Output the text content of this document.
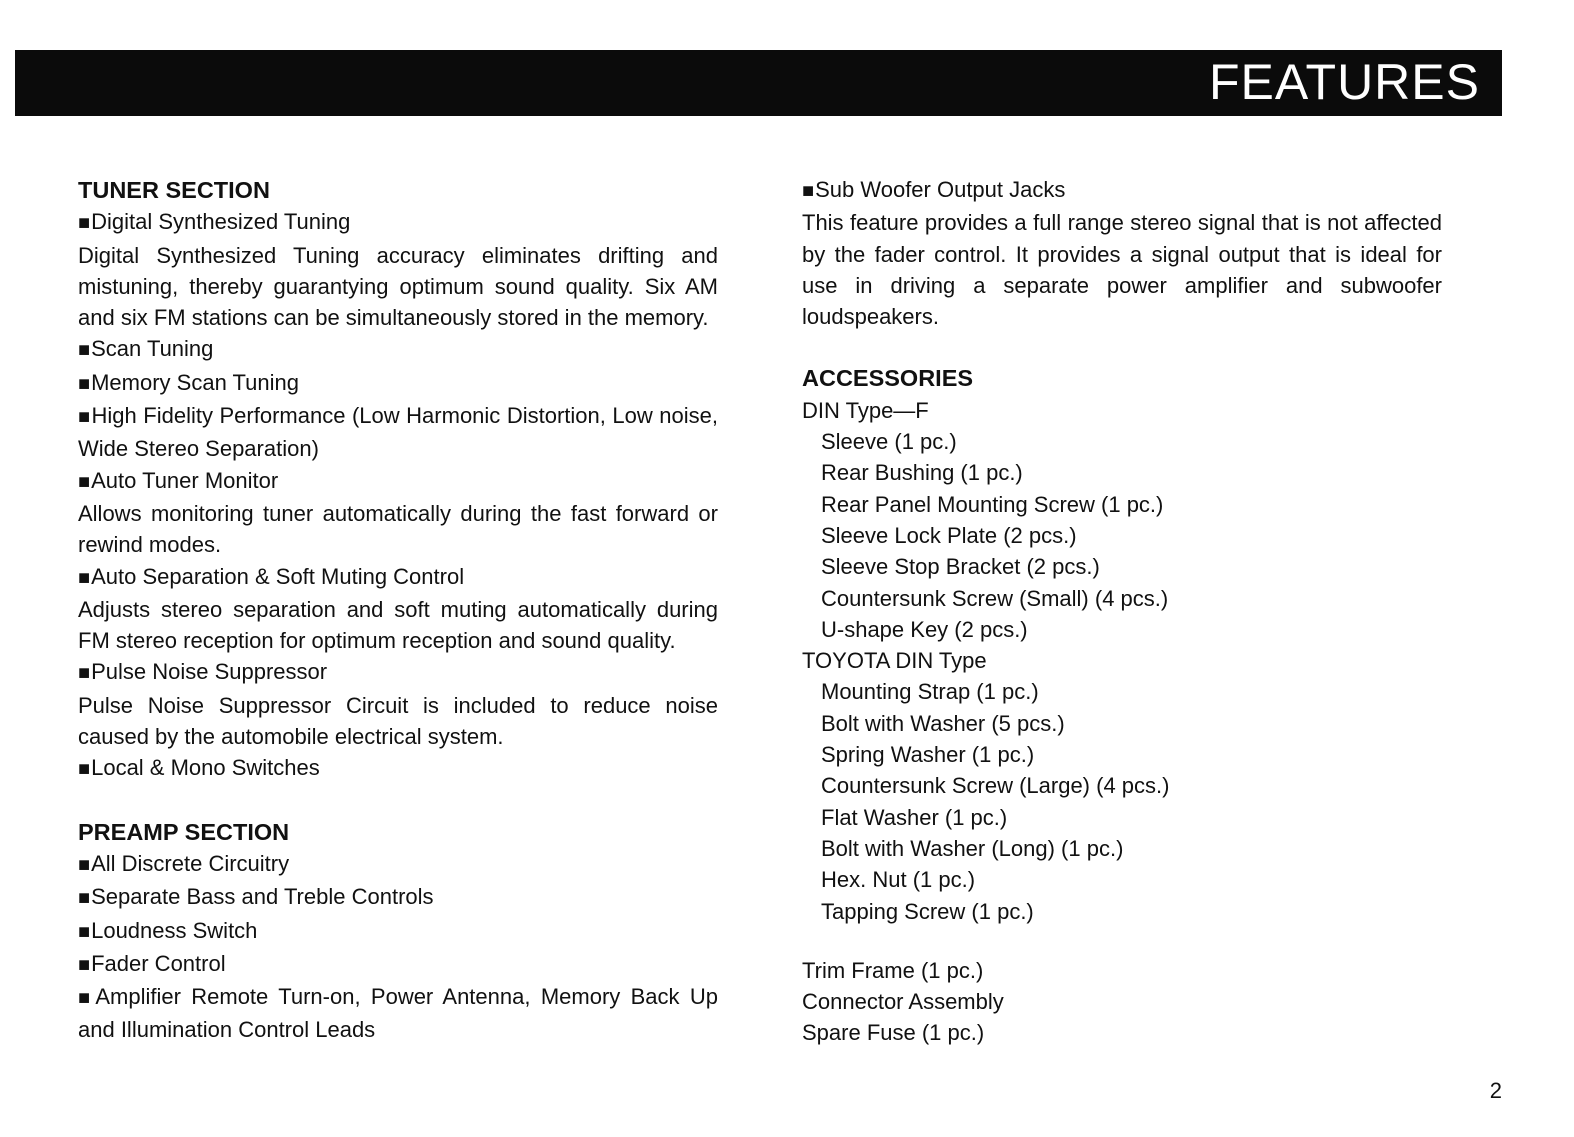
FEATURES
TUNER SECTION
■ Digital Synthesized Tuning
Digital Synthesized Tuning accuracy eliminates drifting and mistuning, thereby guarantying optimum sound quality. Six AM and six FM stations can be simultaneously stored in the memory.
■ Scan Tuning
■ Memory Scan Tuning
■ High Fidelity Performance (Low Harmonic Distortion, Low noise, Wide Stereo Separation)
■ Auto Tuner Monitor
Allows monitoring tuner automatically during the fast forward or rewind modes.
■ Auto Separation & Soft Muting Control
Adjusts stereo separation and soft muting automatically during FM stereo reception for optimum reception and sound quality.
■ Pulse Noise Suppressor
Pulse Noise Suppressor Circuit is included to reduce noise caused by the automobile electrical system.
■ Local & Mono Switches
PREAMP SECTION
■ All Discrete Circuitry
■ Separate Bass and Treble Controls
■ Loudness Switch
■ Fader Control
■ Amplifier Remote Turn-on, Power Antenna, Memory Back Up and Illumination Control Leads
■ Sub Woofer Output Jacks
This feature provides a full range stereo signal that is not affected by the fader control. It provides a signal output that is ideal for use in driving a separate power amplifier and subwoofer loudspeakers.
ACCESSORIES
DIN Type—F
Sleeve (1 pc.)
Rear Bushing (1 pc.)
Rear Panel Mounting Screw (1 pc.)
Sleeve Lock Plate (2 pcs.)
Sleeve Stop Bracket (2 pcs.)
Countersunk Screw (Small) (4 pcs.)
U-shape Key (2 pcs.)
TOYOTA DIN Type
Mounting Strap (1 pc.)
Bolt with Washer (5 pcs.)
Spring Washer (1 pc.)
Countersunk Screw (Large) (4 pcs.)
Flat Washer (1 pc.)
Bolt with Washer (Long) (1 pc.)
Hex. Nut (1 pc.)
Tapping Screw (1 pc.)
Trim Frame (1 pc.)
Connector Assembly
Spare Fuse (1 pc.)
2
